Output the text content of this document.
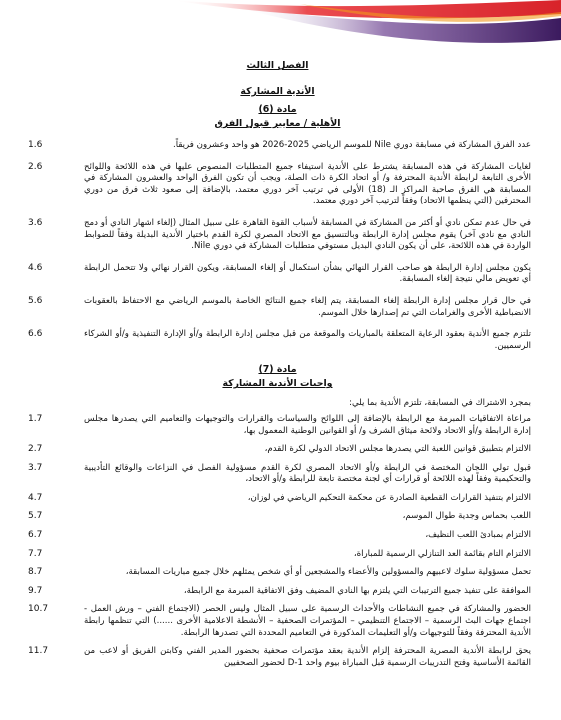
الفصل الثالث

الأندية المشاركة

مادة (6)

الأهلية / معايير قبول الفرق

1.6	عدد الفرق المشاركة في مسابقة دوري Nile للموسم الرياضي 2025-2026 هو واحد وعشرون فريقاً.
2.6	لغايات المشاركة في هذه المسابقة يشترط على الأندية استيفاء جميع المتطلبات المنصوص عليها في هذه اللائحة واللوائح الأخرى التابعة لرابطة الأندية المحترفة و/ أو اتحاد الكرة ذات الصلة، ويجب أن تكون الفرق الواحد والعشرون المشاركة في المسابقة هي الفرق صاحبة المراكز الـ (18) الأولى في ترتيب آخر دوري معتمد، بالإضافة إلى صعود ثلاث فرق من دوري المحترفين (التي ينظمها الاتحاد) وفقاً لترتيب آخر دوري معتمد.
3.6	في حال عدم تمكن نادي أو أكثر من المشاركة في المسابقة لأسباب القوة القاهرة على سبيل المثال (إلغاء اشهار النادي أو دمج النادي مع نادي آخر) يقوم مجلس إدارة الرابطة وبالتنسيق مع الاتحاد المصري لكرة القدم باختيار الأندية البديلة وفقاً للضوابط الواردة في هذه اللائحة، على أن يكون النادي البديل مستوفي متطلبات المشاركة في دوري Nile.
4.6	يكون مجلس إدارة الرابطة هو صاحب القرار النهائي بشأن استكمال أو إلغاء المسابقة، ويكون القرار نهائي ولا تتحمل الرابطة أي تعويض مالي نتيجة إلغاء المسابقة.
5.6	في حال قرار مجلس إدارة الرابطة إلغاء المسابقة، يتم إلغاء جميع النتائج الخاصة بالموسم الرياضي مع الاحتفاظ بالعقوبات الانضباطية الأخرى والغرامات التي تم إصدارها خلال الموسم.
6.6	تلتزم جميع الأندية بعقود الرعاية المتعلقة بالمباريات والموقعة من قبل مجلس إدارة الرابطة و/أو الإدارة التنفيذية و/أو الشركاء الرسميين.

مادة (7)

واجبات الأندية المشاركة

بمجرد الاشتراك في المسابقة، تلتزم الأندية بما يلي:

1.7	مراعاة الاتفاقيات المبرمة مع الرابطة بالإضافة إلى اللوائح والسياسات والقرارات والتوجيهات والتعاميم التي يصدرها مجلس إدارة الرابطة و/أو الاتحاد ولائحة ميثاق الشرف و/ أو القوانين الوطنية المعمول بها،
2.7	الالتزام بتطبيق قوانين اللعبة التي يصدرها مجلس الاتحاد الدولي لكرة القدم،
3.7	قبول تولي اللجان المختصة في الرابطة و/أو الاتحاد المصري لكرة القدم مسؤولية الفصل في النزاعات والوقائع التأديبية والتحكيمية وفقاً لهذه اللائحة أو قرارات أي لجنة مختصة تابعة للرابطة و/أو الاتحاد،
4.7	الالتزام بتنفيذ القرارات القطعية الصادرة عن محكمة التحكيم الرياضي في لوزان،
5.7	اللعب بحماس وجدية طوال الموسم،
6.7	الالتزام بمبادئ اللعب النظيف،
7.7	الالتزام التام بقائمة العد التنازلي الرسمية للمباراة،
8.7	تحمل مسؤولية سلوك لاعبيهم والمسؤولين والأعضاء والمشجعين أو أي شخص يمثلهم خلال جميع مباريات المسابقة،
9.7	الموافقة على تنفيذ جميع الترتيبات التي يلتزم بها النادي المضيف وفق الاتفاقية المبرمة مع الرابطة،
10.7	الحضور والمشاركة في جميع النشاطات والأحداث الرسمية على سبيل المثال وليس الحصر (الاجتماع الفني – ورش العمل - اجتماع جهات البث الرسمية – الاجتماع التنظيمي – المؤتمرات الصحفية – الأنشطة الاعلامية الأخرى ......) التي تنظمها رابطة الأندية المحترفة وفقاً للتوجيهات و/أو التعليمات المذكورة في التعاميم المحددة التي تصدرها الرابطة.
11.7	يحق لرابطة الأندية المصرية المحترفة إلزام الأندية بعقد مؤتمرات صحفية بحضور المدير الفني وكابتن الفريق أو لاعب من القائمة الأساسية وفتح التدريبات الرسمية قبل المباراة بيوم واحد D-1 لحضور الصحفيين
